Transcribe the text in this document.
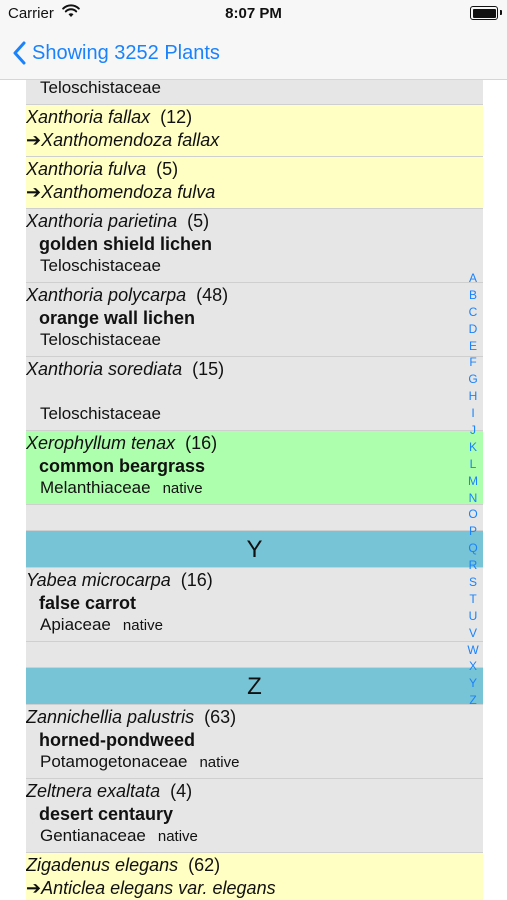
Carrier	8:07 PM
Showing 3252 Plants
Teloschistaceae
Xanthoria fallax (12)
➔Xanthomendoza fallax
Xanthoria fulva (5)
➔Xanthomendoza fulva
Xanthoria parietina (5)
golden shield lichen
Teloschistaceae
Xanthoria polycarpa (48)
orange wall lichen
Teloschistaceae
Xanthoria sorediata (15)
Teloschistaceae
Xerophyllum tenax (16)
common beargrass
Melanthiaceae native
Y
Yabea microcarpa (16)
false carrot
Apiaceae native
Z
Zannichellia palustris (63)
horned-pondweed
Potamogetonaceae native
Zeltnera exaltata (4)
desert centaury
Gentianaceae native
Zigadenus elegans (62)
➔Anticlea elegans var. elegans
A
B
C
D
E
F
G
H
I
J
K
L
M
N
O
P
Q
R
S
T
U
V
W
X
Y
Z
